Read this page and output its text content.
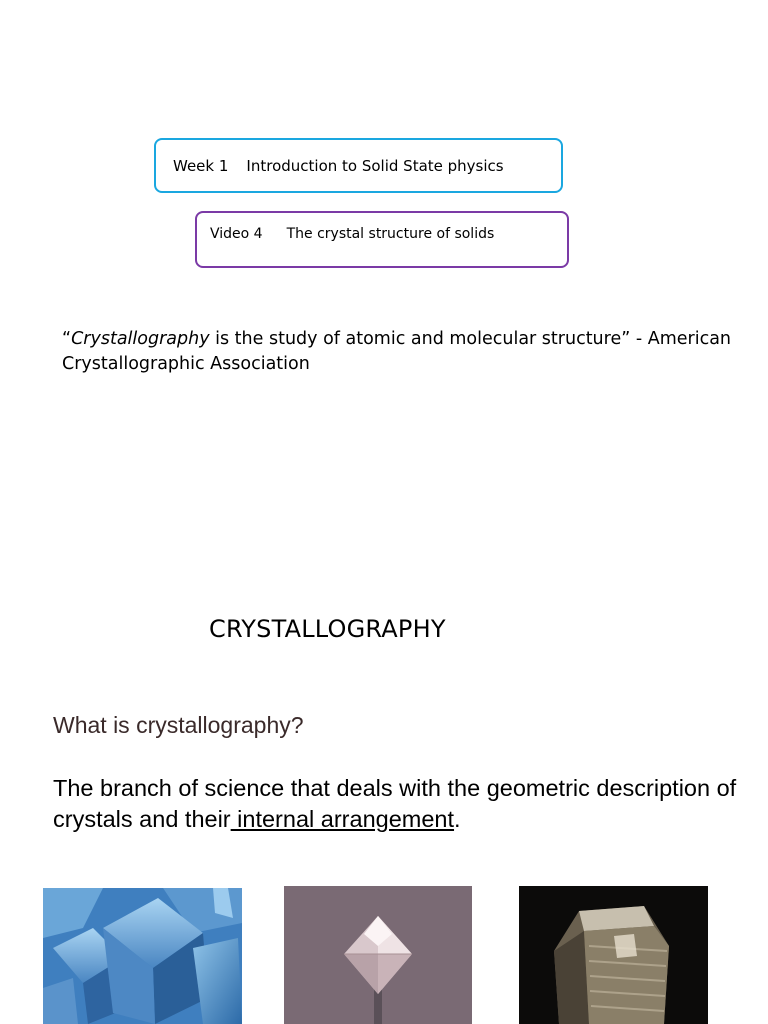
Week 1 Introduction to Solid State physics
Video 4 The crystal structure of solids
“Crystallography is the study of atomic and molecular structure” - American Crystallographic Association
CRYSTALLOGRAPHY
What is crystallography?
The branch of science that deals with the geometric description of crystals and their internal arrangement.
